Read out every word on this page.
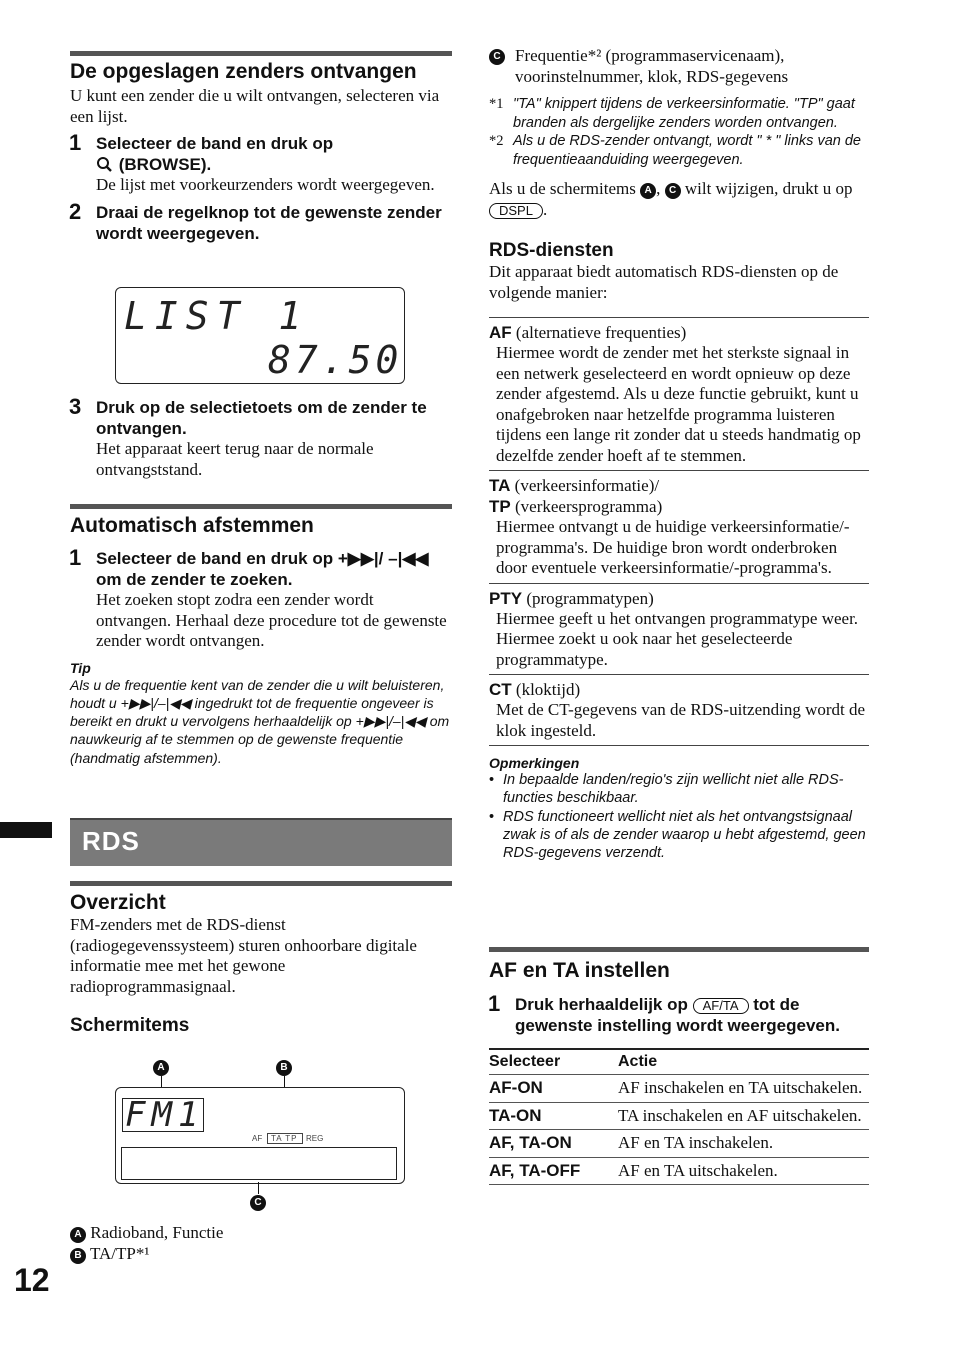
De opgeslagen zenders ontvangen

U kunt een zender die u wilt ontvangen, selecteren via een lijst.

1 Selecteer de band en druk op
(BROWSE).
De lijst met voorkeurzenders wordt weergegeven.
2 Draai de regelknop tot de gewenste zender wordt weergegeven.
LIST 1
87.50
3 Druk op de selectietoets om de zender te ontvangen.
Het apparaat keert terug naar de normale ontvangststand.
Automatisch afstemmen
1 Selecteer de band en druk op +▶▶|/ –|◀◀ om de zender te zoeken.
Het zoeken stopt zodra een zender wordt ontvangen. Herhaal deze procedure tot de gewenste zender wordt ontvangen.
Tip
Als u de frequentie kent van de zender die u wilt beluisteren, houdt u +▶▶|/–|◀◀ ingedrukt tot de frequentie ongeveer is bereikt en drukt u vervolgens herhaaldelijk op +▶▶|/–|◀◀ om nauwkeurig af te stemmen op de gewenste frequentie (handmatig afstemmen).
RDS
Overzicht

FM-zenders met de RDS-dienst (radiogegevenssysteem) sturen onhoorbare digitale informatie mee met het gewone radioprogrammasignaal.

Schermitems
A	B
FM1
AF	TA TP	REG
C

A Radioband, Functie

B TA/TP*¹

12
C Frequentie*² (programmaservicenaam), voorinstelnummer, klok, RDS-gegevens

*1 "TA" knippert tijdens de verkeersinformatie. "TP" gaat branden als dergelijke zenders worden ontvangen.
*2 Als u de RDS-zender ontvangt, wordt " * " links van de frequentieaanduiding weergegeven.

Als u de schermitems A , C wilt wijzigen, drukt u op DSPL .

RDS-diensten

Dit apparaat biedt automatisch RDS-diensten op de volgende manier:

AF (alternatieve frequenties)
Hiermee wordt de zender met het sterkste signaal in een netwerk geselecteerd en wordt opnieuw op deze zender afgestemd. Als u deze functie gebruikt, kunt u onafgebroken naar hetzelfde programma luisteren tijdens een lange rit zonder dat u steeds handmatig op dezelfde zender hoeft af te stemmen.
TA (verkeersinformatie)/
TP (verkeersprogramma)
Hiermee ontvangt u de huidige verkeersinformatie/-programma's. De huidige bron wordt onderbroken door eventuele verkeersinformatie/-programma's.
PTY (programmatypen)
Hiermee geeft u het ontvangen programmatype weer. Hiermee zoekt u ook naar het geselecteerde programmatype.
CT (kloktijd)
Met de CT-gegevens van de RDS-uitzending wordt de klok ingesteld.
Opmerkingen
• In bepaalde landen/regio's zijn wellicht niet alle RDS-functies beschikbaar.
• RDS functioneert wellicht niet als het ontvangstsignaal zwak is of als de zender waarop u hebt afgestemd, geen RDS-gegevens verzendt.
AF en TA instellen
1 Druk herhaaldelijk op AF/TA tot de gewenste instelling wordt weergegeven.
Selecteer	Actie
AF-ON	AF inschakelen en TA uitschakelen.
TA-ON	TA inschakelen en AF uitschakelen.
AF, TA-ON	AF en TA inschakelen.
AF, TA-OFF	AF en TA uitschakelen.
